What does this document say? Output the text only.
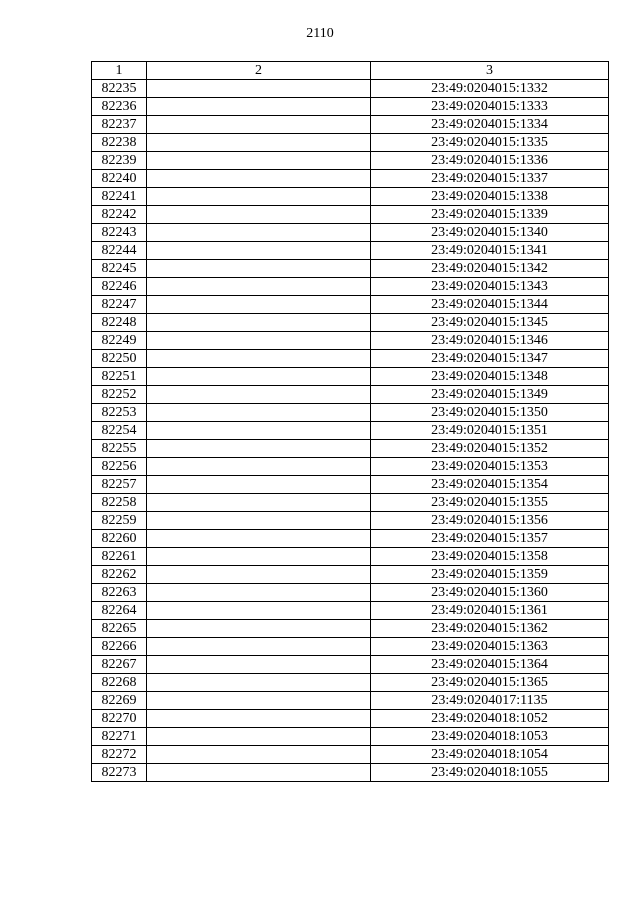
2110
1	2	3
82235		23:49:0204015:1332
82236		23:49:0204015:1333
82237		23:49:0204015:1334
82238		23:49:0204015:1335
82239		23:49:0204015:1336
82240		23:49:0204015:1337
82241		23:49:0204015:1338
82242		23:49:0204015:1339
82243		23:49:0204015:1340
82244		23:49:0204015:1341
82245		23:49:0204015:1342
82246		23:49:0204015:1343
82247		23:49:0204015:1344
82248		23:49:0204015:1345
82249		23:49:0204015:1346
82250		23:49:0204015:1347
82251		23:49:0204015:1348
82252		23:49:0204015:1349
82253		23:49:0204015:1350
82254		23:49:0204015:1351
82255		23:49:0204015:1352
82256		23:49:0204015:1353
82257		23:49:0204015:1354
82258		23:49:0204015:1355
82259		23:49:0204015:1356
82260		23:49:0204015:1357
82261		23:49:0204015:1358
82262		23:49:0204015:1359
82263		23:49:0204015:1360
82264		23:49:0204015:1361
82265		23:49:0204015:1362
82266		23:49:0204015:1363
82267		23:49:0204015:1364
82268		23:49:0204015:1365
82269		23:49:0204017:1135
82270		23:49:0204018:1052
82271		23:49:0204018:1053
82272		23:49:0204018:1054
82273		23:49:0204018:1055
